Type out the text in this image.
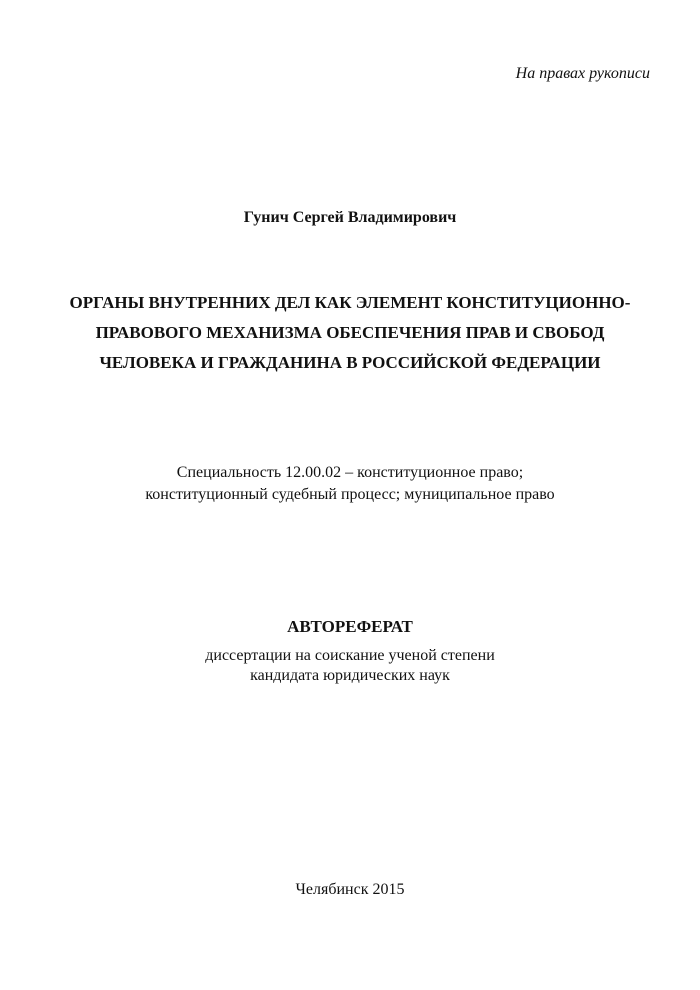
На правах рукописи
Гунич Сергей Владимирович
ОРГАНЫ ВНУТРЕННИХ ДЕЛ КАК ЭЛЕМЕНТ КОНСТИТУЦИОННО-
ПРАВОВОГО МЕХАНИЗМА ОБЕСПЕЧЕНИЯ ПРАВ И СВОБОД
ЧЕЛОВЕКА И ГРАЖДАНИНА В РОССИЙСКОЙ ФЕДЕРАЦИИ
Специальность 12.00.02 – конституционное право;
конституционный судебный процесс; муниципальное право
АВТОРЕФЕРАТ
диссертации на соискание ученой степени
кандидата юридических наук
Челябинск 2015
